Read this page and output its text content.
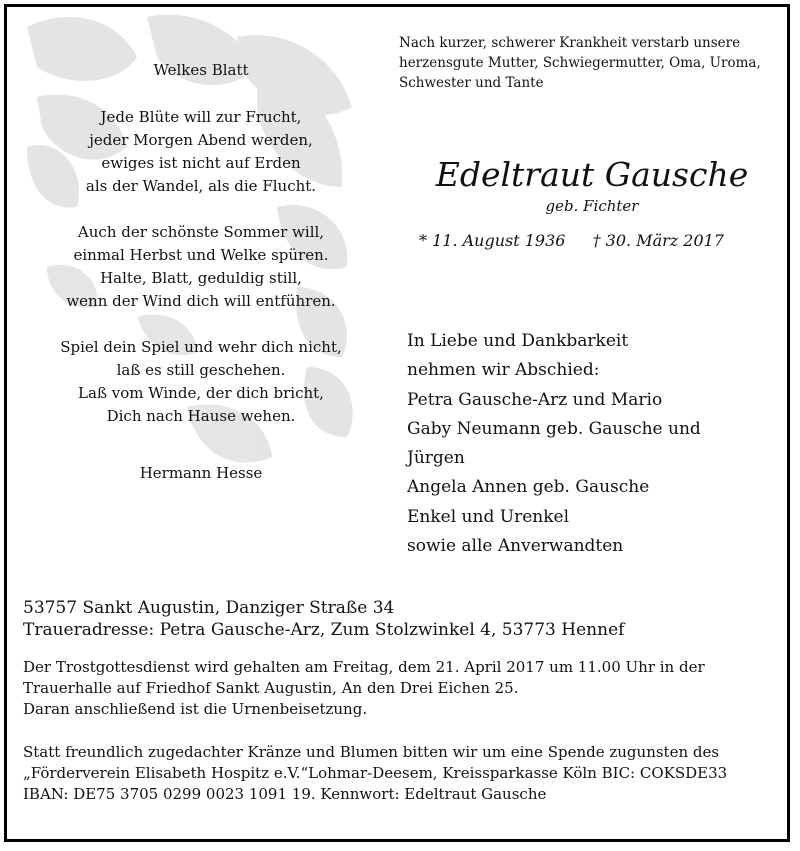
Welkes Blatt
Jede Blüte will zur Frucht,
jeder Morgen Abend werden,
ewiges ist nicht auf Erden
als der Wandel, als die Flucht.
Auch der schönste Sommer will,
einmal Herbst und Welke spüren.
Halte, Blatt, geduldig still,
wenn der Wind dich will entführen.
Spiel dein Spiel und wehr dich nicht,
laß es still geschehen.
Laß vom Winde, der dich bricht,
Dich nach Hause wehen.
Hermann Hesse
Nach kurzer, schwerer Krankheit verstarb unsere
herzensgute Mutter, Schwiegermutter, Oma, Uroma,
Schwester und Tante
Edeltraut Gausche
geb. Fichter
* 11. August 1936 † 30. März 2017
In Liebe und Dankbarkeit
nehmen wir Abschied:
Petra Gausche-Arz und Mario
Gaby Neumann geb. Gausche und
Jürgen
Angela Annen geb. Gausche
Enkel und Urenkel
sowie alle Anverwandten
53757 Sankt Augustin, Danziger Straße 34
Traueradresse: Petra Gausche-Arz, Zum Stolzwinkel 4, 53773 Hennef
Der Trostgottesdienst wird gehalten am Freitag, dem 21. April 2017 um 11.00 Uhr in der
Trauerhalle auf Friedhof Sankt Augustin, An den Drei Eichen 25.
Daran anschließend ist die Urnenbeisetzung.
Statt freundlich zugedachter Kränze und Blumen bitten wir um eine Spende zugunsten des
„Förderverein Elisabeth Hospitz e.V.“Lohmar-Deesem, Kreissparkasse Köln BIC: COKSDE33
IBAN: DE75 3705 0299 0023 1091 19. Kennwort: Edeltraut Gausche
